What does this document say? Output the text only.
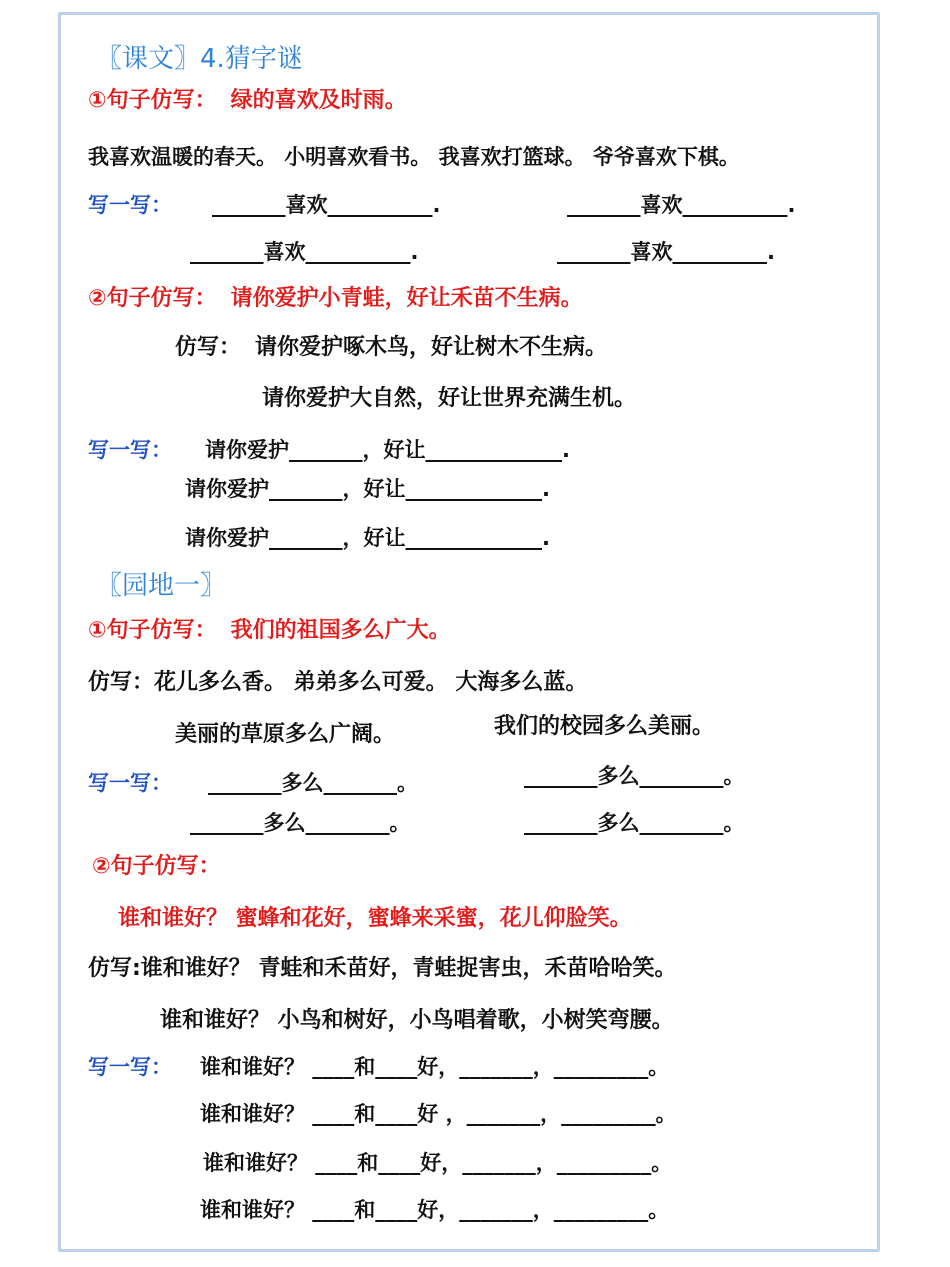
〖课文〗4.猜字谜
①句子仿写： 绿的喜欢及时雨。
我喜欢温暖的春天。 小明喜欢看书。 我喜欢打篮球。 爷爷喜欢下棋。
写一写： _______喜欢__________.	_______喜欢__________.
_______喜欢__________.	_______喜欢_________.
②句子仿写： 请你爱护小青蛙，好让禾苗不生病。
仿写： 请你爱护啄木鸟，好让树木不生病。
请你爱护大自然，好让世界充满生机。
写一写： 请你爱护_______，好让_____________.
请你爱护_______，好让_____________.
请你爱护_______，好让_____________.
〖园地一〗
①句子仿写： 我们的祖国多么广大。
仿写：花儿多么香。 弟弟多么可爱。 大海多么蓝。
美丽的草原多么广阔。	我们的校园多么美丽。
写一写： _______多么_______。	_______多么________。
_______多么________。	_______多么________。
②句子仿写：
谁和谁好？ 蜜蜂和花好，蜜蜂来采蜜，花儿仰脸笑。
仿写:谁和谁好？ 青蛙和禾苗好，青蛙捉害虫，禾苗哈哈笑。
谁和谁好？ 小鸟和树好，小鸟唱着歌，小树笑弯腰。
写一写： 谁和谁好？ ____和____好，_______，_________。
谁和谁好？ ____和____好 ，_______，_________。
谁和谁好？ ____和____好，_______，_________。
谁和谁好？ ____和____好，_______，_________。
